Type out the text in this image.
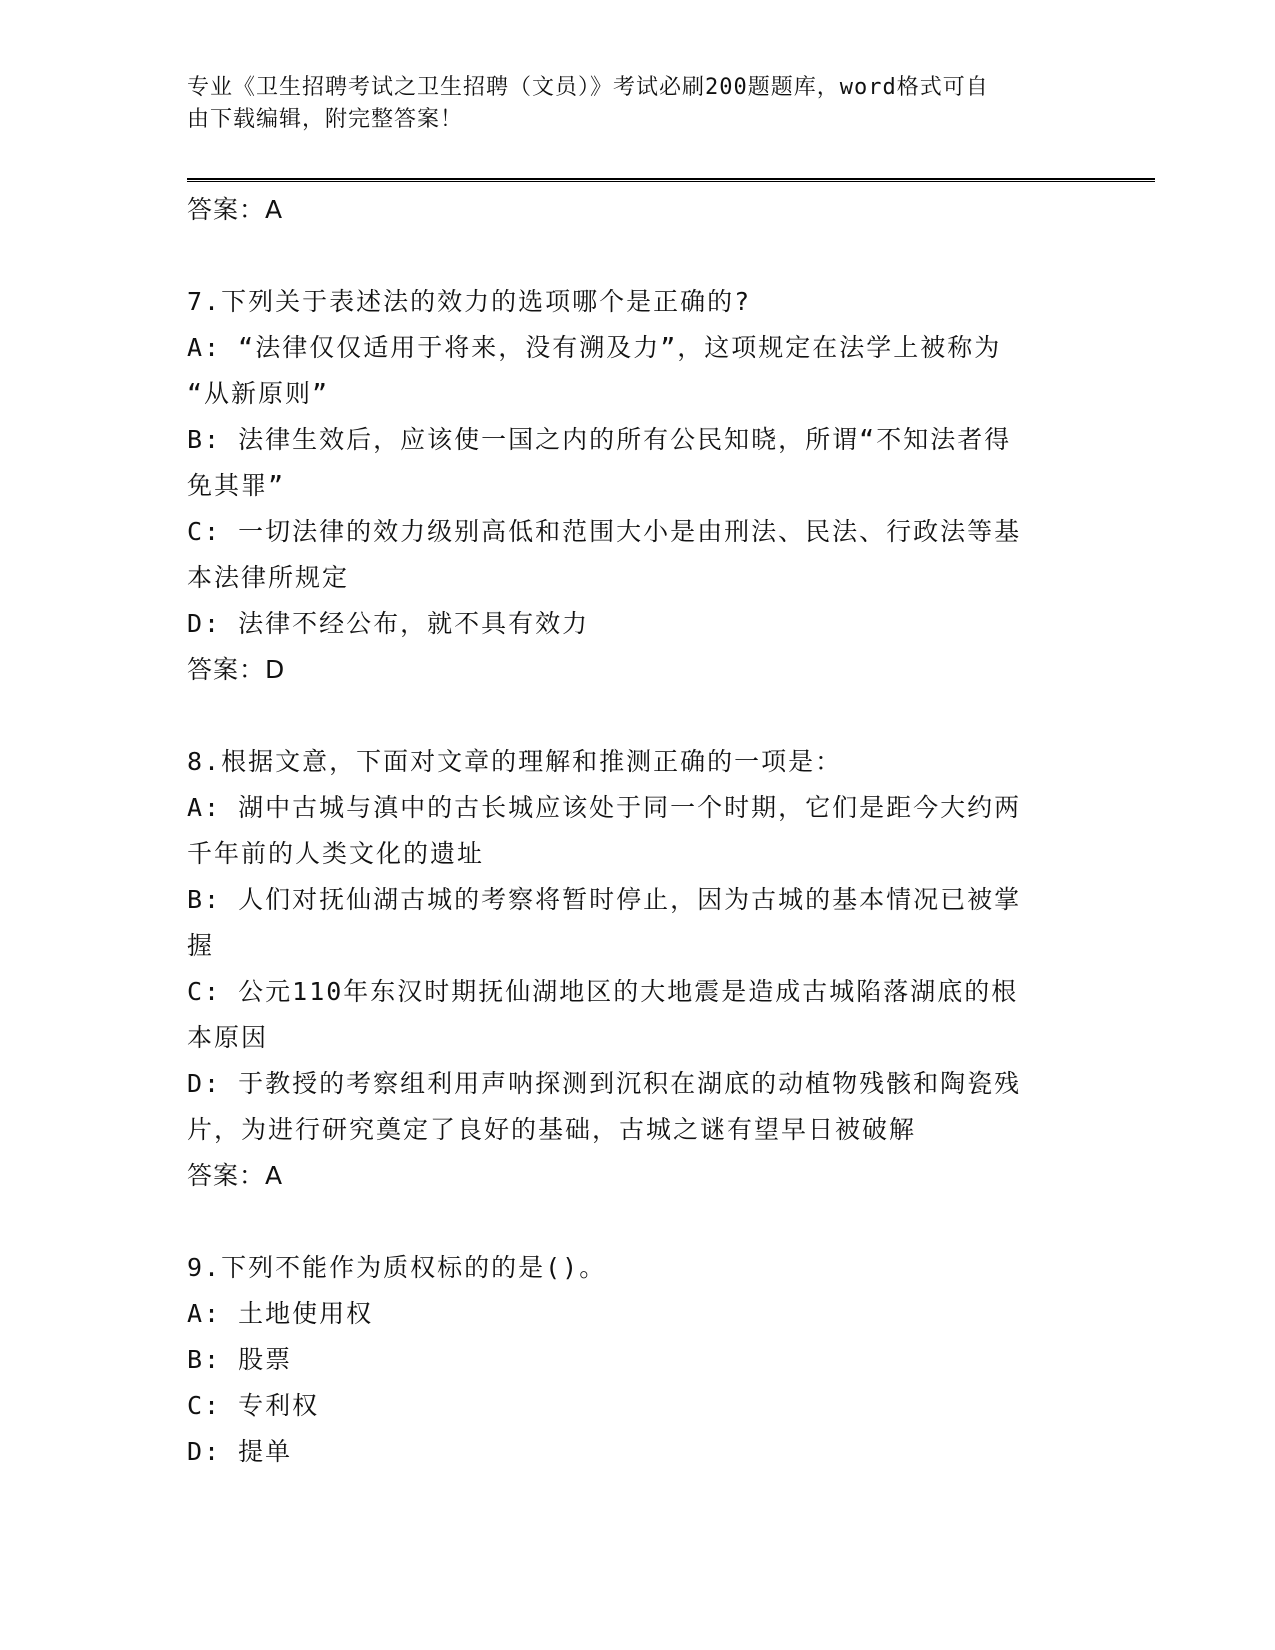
专业《卫生招聘考试之卫生招聘（文员）》考试必刷200题题库，word格式可自
由下载编辑，附完整答案！
答案：A
7.下列关于表述法的效力的选项哪个是正确的?
A: “法律仅仅适用于将来，没有溯及力”，这项规定在法学上被称为
“从新原则”
B: 法律生效后，应该使一国之内的所有公民知晓，所谓“不知法者得
免其罪”
C: 一切法律的效力级别高低和范围大小是由刑法、民法、行政法等基
本法律所规定
D: 法律不经公布，就不具有效力
答案：D
8.根据文意，下面对文章的理解和推测正确的一项是：
A: 湖中古城与滇中的古长城应该处于同一个时期，它们是距今大约两
千年前的人类文化的遗址
B: 人们对抚仙湖古城的考察将暂时停止，因为古城的基本情况已被掌
握
C: 公元110年东汉时期抚仙湖地区的大地震是造成古城陷落湖底的根
本原因
D: 于教授的考察组利用声呐探测到沉积在湖底的动植物残骸和陶瓷残
片，为进行研究奠定了良好的基础，古城之谜有望早日被破解
答案：A
9.下列不能作为质权标的的是()。
A: 土地使用权
B: 股票
C: 专利权
D: 提单
